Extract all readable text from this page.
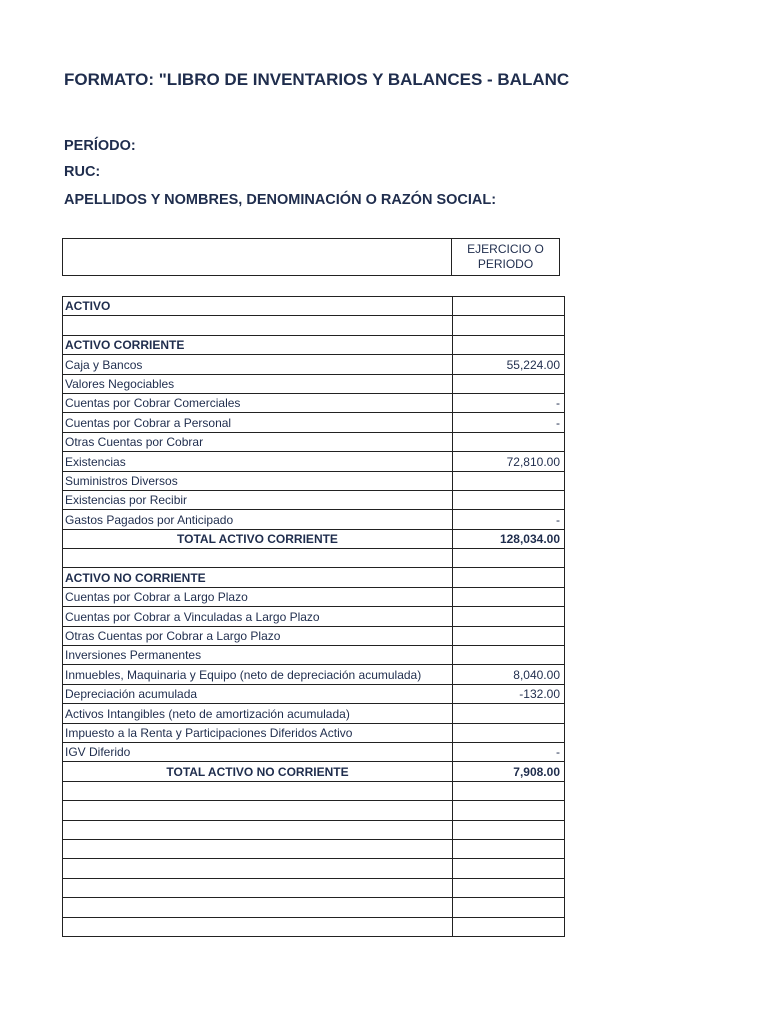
FORMATO: "LIBRO DE INVENTARIOS Y BALANCES - BALANC
PERÍODO:
RUC:
APELLIDOS Y NOMBRES, DENOMINACIÓN O RAZÓN SOCIAL:
EJERCICIO O
PERIODO
ACTIVO	

ACTIVO CORRIENTE	
Caja y Bancos	55,224.00
Valores Negociables	
Cuentas por Cobrar Comerciales	-
Cuentas por Cobrar a Personal	-
Otras Cuentas por Cobrar	
Existencias	72,810.00
Suministros Diversos	
Existencias por Recibir	
Gastos Pagados por Anticipado	-
TOTAL ACTIVO CORRIENTE	128,034.00

ACTIVO NO CORRIENTE	
Cuentas por Cobrar a Largo Plazo	
Cuentas por Cobrar a Vinculadas a Largo Plazo	
Otras Cuentas por Cobrar a Largo Plazo	
Inversiones Permanentes	
Inmuebles, Maquinaria y Equipo (neto de depreciación acumulada)	8,040.00
Depreciación acumulada	-132.00
Activos Intangibles (neto de amortización acumulada)	
Impuesto a la Renta y Participaciones Diferidos Activo	
IGV Diferido	-
TOTAL ACTIVO NO CORRIENTE	7,908.00
